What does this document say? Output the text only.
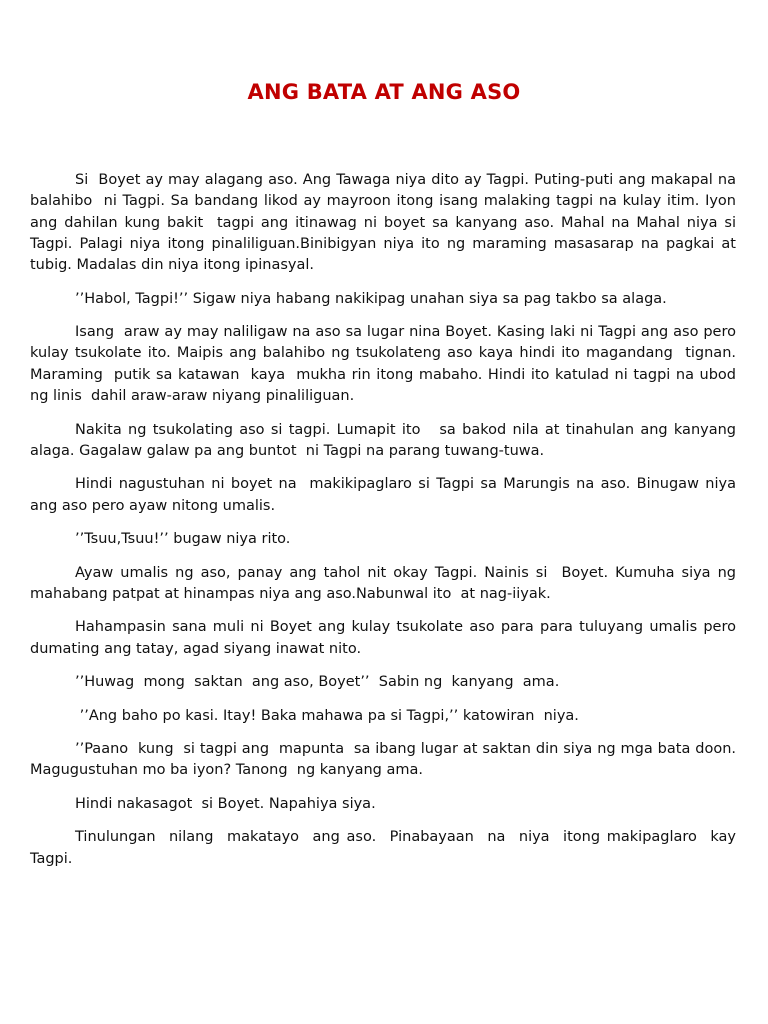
ANG BATA AT ANG ASO

Si  Boyet ay may alagang aso. Ang Tawaga niya dito ay Tagpi. Puting-puti ang makapal na balahibo  ni Tagpi. Sa bandang likod ay mayroon itong isang malaking tagpi na kulay itim. Iyon ang dahilan kung bakit  tagpi ang itinawag ni boyet sa kanyang aso. Mahal na Mahal niya si Tagpi. Palagi niya itong pinaliliguan.Binibigyan niya ito ng maraming masasarap na pagkai at tubig. Madalas din niya itong ipinasyal.

’’Habol, Tagpi!’’ Sigaw niya habang nakikipag unahan siya sa pag takbo sa alaga.

Isang  araw ay may naliligaw na aso sa lugar nina Boyet. Kasing laki ni Tagpi ang aso pero kulay tsukolate ito. Maipis ang balahibo ng tsukolateng aso kaya hindi ito magandang  tignan. Maraming  putik sa katawan  kaya  mukha rin itong mabaho. Hindi ito katulad ni tagpi na ubod ng linis  dahil araw-araw niyang pinaliliguan.

Nakita ng tsukolating aso si tagpi. Lumapit ito   sa bakod nila at tinahulan ang kanyang alaga. Gagalaw galaw pa ang buntot  ni Tagpi na parang tuwang-tuwa.

Hindi nagustuhan ni boyet na  makikipaglaro si Tagpi sa Marungis na aso. Binugaw niya ang aso pero ayaw nitong umalis.

’’Tsuu,Tsuu!’’ bugaw niya rito.

Ayaw umalis ng aso, panay ang tahol nit okay Tagpi. Nainis si  Boyet. Kumuha siya ng mahabang patpat at hinampas niya ang aso.Nabunwal ito  at nag-iiyak.

Hahampasin sana muli ni Boyet ang kulay tsukolate aso para para tuluyang umalis pero dumating ang tatay, agad siyang inawat nito.

’’Huwag  mong  saktan  ang aso, Boyet’’  Sabin ng  kanyang  ama.

’’Ang baho po kasi. Itay! Baka mahawa pa si Tagpi,’’ katowiran  niya.

’’Paano  kung  si tagpi ang  mapunta  sa ibang lugar at saktan din siya ng mga bata doon. Magugustuhan mo ba iyon? Tanong  ng kanyang ama.

Hindi nakasagot  si Boyet. Napahiya siya.

Tinulungan  nilang  makatayo  ang aso.  Pinabayaan  na  niya  itong makipaglaro  kay Tagpi.
